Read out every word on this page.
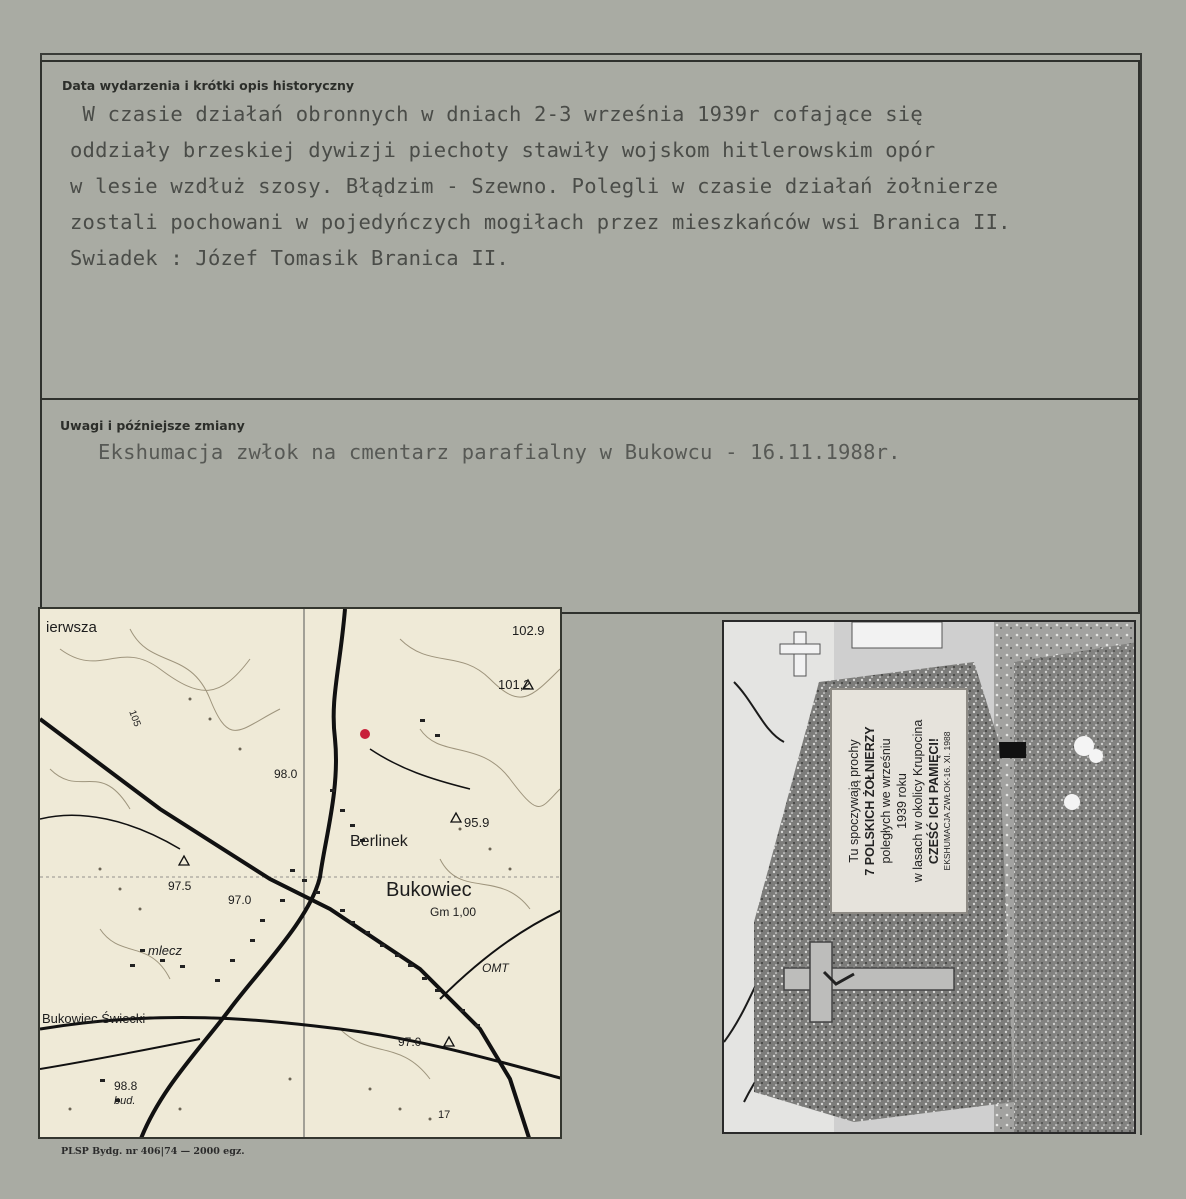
Data wydarzenia i krótki opis historyczny
W czasie działań obronnych w dniach 2-3 września 1939r cofające się
oddziały brzeskiej dywizji piechoty stawiły wojskom hitlerowskim opór
w lesie wzdłuż szosy. Błądzim - Szewno. Polegli w czasie działań żołnierze
zostali pochowani w pojedyńczych mogiłach przez mieszkańców wsi Branica II.
Swiadek : Józef Tomasik Branica II.
Uwagi i późniejsze zmiany
Ekshumacja zwłok na cmentarz parafialny w Bukowcu - 16.11.1988r.
ierwsza	102.9
101,2
98.0
95.9
Berlinek
Bukowiec
Gm 1,00
97.5
97.0
mlecz
OMT
Bukowiec Świecki
97.0
98.8
bud.
17
105
Tu spoczywają prochy 7 POLSKICH ŻOŁNIERZY poległych we wrześniu 1939 roku w lasach w okolicy Krupocina CZEŚĆ ICH PAMIĘCI! EKSHUMACJA ZWŁOK-16. XI. 1988
PLSP Bydg. nr 406|74 — 2000 egz.
